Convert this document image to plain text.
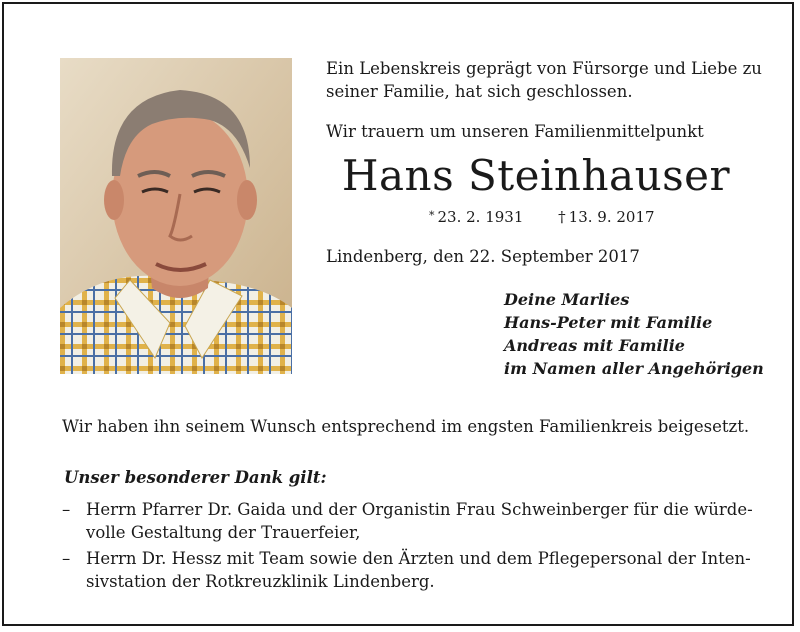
Ein Lebenskreis geprägt von Fürsorge und Liebe zu
seiner Familie, hat sich geschlossen.
Wir trauern um unseren Familienmittelpunkt
Hans Steinhauser
* 23. 2. 1931 † 13. 9. 2017
Lindenberg, den 22. September 2017
Deine Marlies
Hans-Peter mit Familie
Andreas mit Familie
im Namen aller Angehörigen
Wir haben ihn seinem Wunsch entsprechend im engsten Familienkreis beigesetzt.
Unser besonderer Dank gilt:
– Herrn Pfarrer Dr. Gaida und der Organistin Frau Schweinberger für die würde-
volle Gestaltung der Trauerfeier,
– Herrn Dr. Hessz mit Team sowie den Ärzten und dem Pflegepersonal der Inten-
sivstation der Rotkreuzklinik Lindenberg.
